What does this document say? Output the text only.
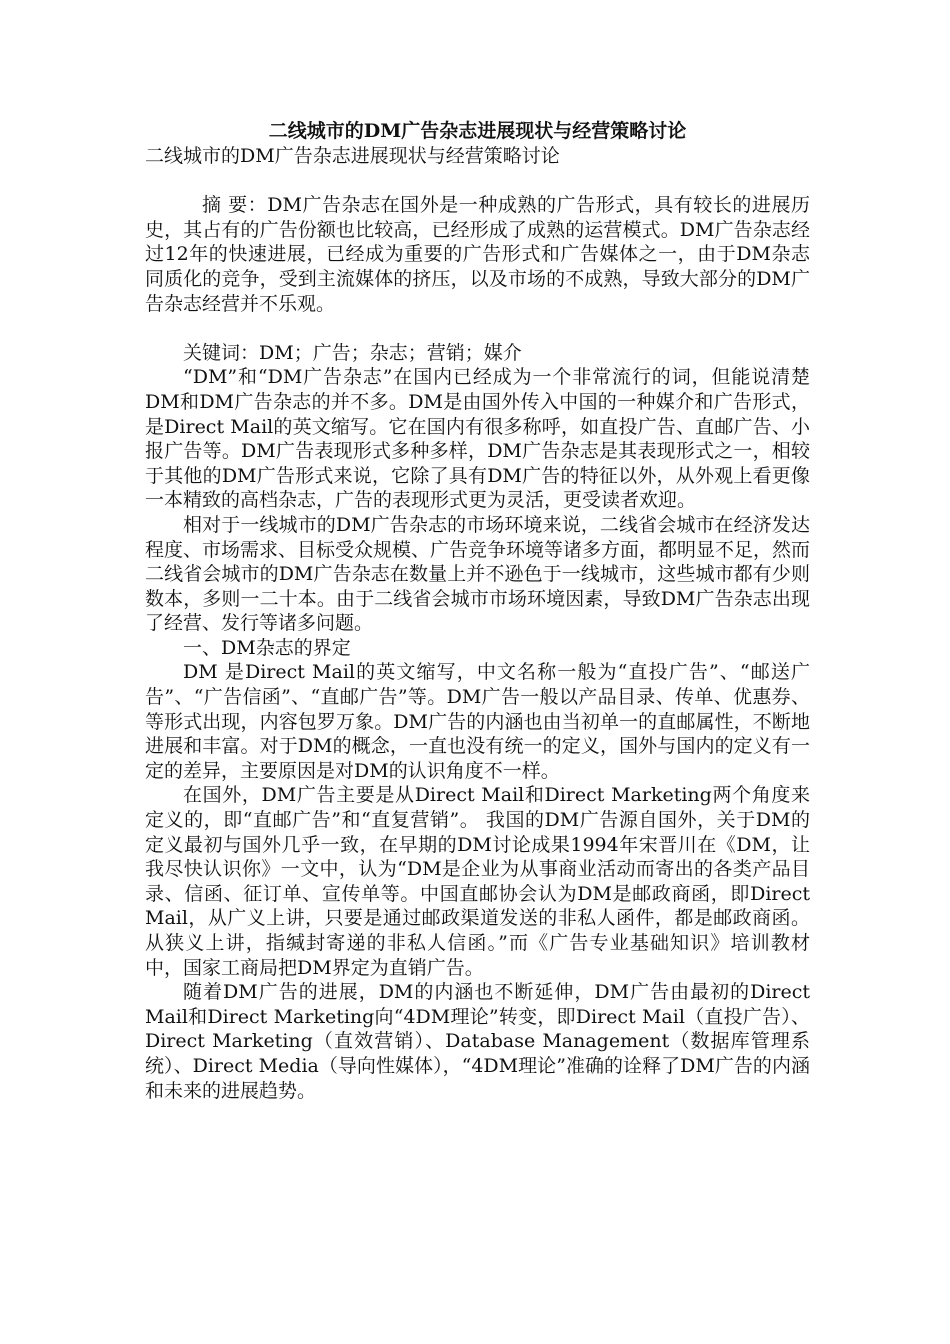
二线城市的DM广告杂志进展现状与经营策略讨论

二线城市的DM广告杂志进展现状与经营策略讨论

摘 要：DM广告杂志在国外是一种成熟的广告形式，具有较长的进展历史，其占有的广告份额也比较高，已经形成了成熟的运营模式。DM广告杂志经过12年的快速进展，已经成为重要的广告形式和广告媒体之一，由于DM杂志同质化的竞争，受到主流媒体的挤压，以及市场的不成熟，导致大部分的DM广告杂志经营并不乐观。

关键词：DM；广告；杂志；营销；媒介

“DM”和“DM广告杂志”在国内已经成为一个非常流行的词，但能说清楚DM和DM广告杂志的并不多。DM是由国外传入中国的一种媒介和广告形式，是Direct Mail的英文缩写。它在国内有很多称呼，如直投广告、直邮广告、小报广告等。DM广告表现形式多种多样，DM广告杂志是其表现形式之一，相较于其他的DM广告形式来说，它除了具有DM广告的特征以外，从外观上看更像一本精致的高档杂志，广告的表现形式更为灵活，更受读者欢迎。

相对于一线城市的DM广告杂志的市场环境来说，二线省会城市在经济发达程度、市场需求、目标受众规模、广告竞争环境等诸多方面，都明显不足，然而二线省会城市的DM广告杂志在数量上并不逊色于一线城市，这些城市都有少则数本，多则一二十本。由于二线省会城市市场环境因素，导致DM广告杂志出现了经营、发行等诸多问题。

一、DM杂志的界定

DM 是Direct Mail的英文缩写，中文名称一般为“直投广告”、“邮送广告”、“广告信函”、“直邮广告”等。DM广告一般以产品目录、传单、优惠券、等形式出现，内容包罗万象。DM广告的内涵也由当初单一的直邮属性，不断地进展和丰富。对于DM的概念，一直也没有统一的定义，国外与国内的定义有一定的差异，主要原因是对DM的认识角度不一样。

在国外，DM广告主要是从Direct Mail和Direct Marketing两个角度来定义的，即“直邮广告”和“直复营销”。 我国的DM广告源自国外，关于DM的定义最初与国外几乎一致，在早期的DM讨论成果1994年宋晋川在《DM，让我尽快认识你》一文中，认为“DM是企业为从事商业活动而寄出的各类产品目录、信函、征订单、宣传单等。中国直邮协会认为DM是邮政商函，即Direct Mail，从广义上讲，只要是通过邮政渠道发送的非私人函件，都是邮政商函。从狭义上讲，指缄封寄递的非私人信函。”而《广告专业基础知识》培训教材中，国家工商局把DM界定为直销广告。

随着DM广告的进展，DM的内涵也不断延伸，DM广告由最初的Direct Mail和Direct Marketing向“4DM理论”转变，即Direct Mail（直投广告）、Direct Marketing（直效营销）、Database Management（数据库管理系统）、Direct Media（导向性媒体），“4DM理论”准确的诠释了DM广告的内涵和未来的进展趋势。
